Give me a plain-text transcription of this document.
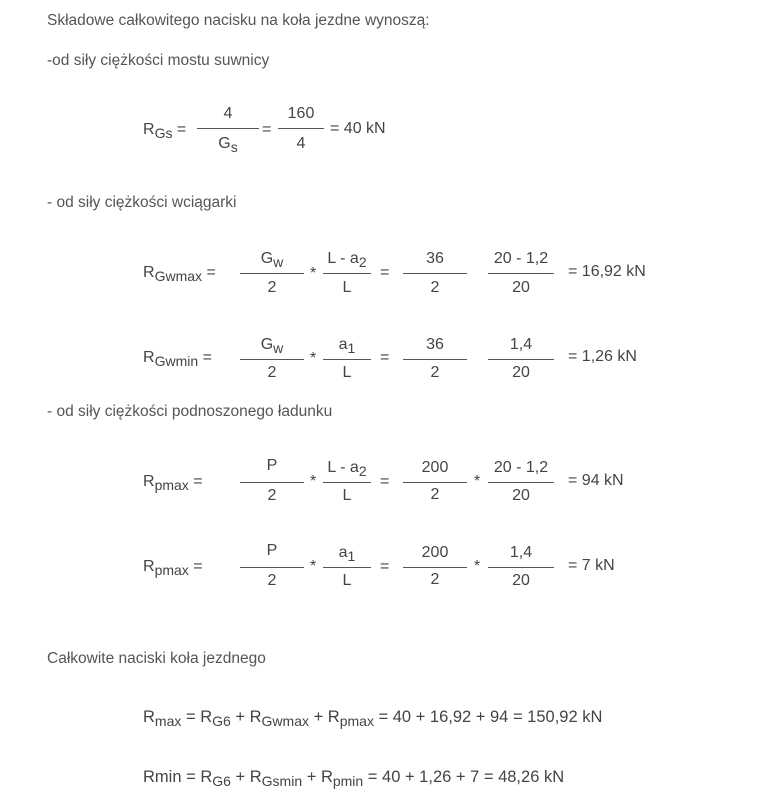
Składowe całkowitego nacisku na koła jezdne wynoszą:
-od siły ciężkości mostu suwnicy
- od siły ciężkości wciągarki
- od siły ciężkości podnoszonego ładunku
Całkowite naciski koła jezdnego
RGs =
4
Gs
=
160
4
= 40 kN
RGwmax =
Gw
2
*
L - a2
L
=
36
2
20 - 1,2
20
= 16,92 kN
RGwmin =
Gw
2
*
a1
L
=
36
2
1,4
20
= 1,26 kN
Rpmax =
P
2
*
L - a2
L
=
200
2
*
20 - 1,2
20
= 94 kN
Rpmax =
P
2
*
a1
L
=
200
2
*
1,4
20
= 7 kN
$R_{max} = R_{G6} + R_{Gwmax} + R_{pmax} = 40 + 16,92 + 94 = 150,92$ kN
$Rmin = R_{G6} + R_{Gsmin} + R_{pmin} = 40 + 1,26 + 7 = 48,26$ kN
